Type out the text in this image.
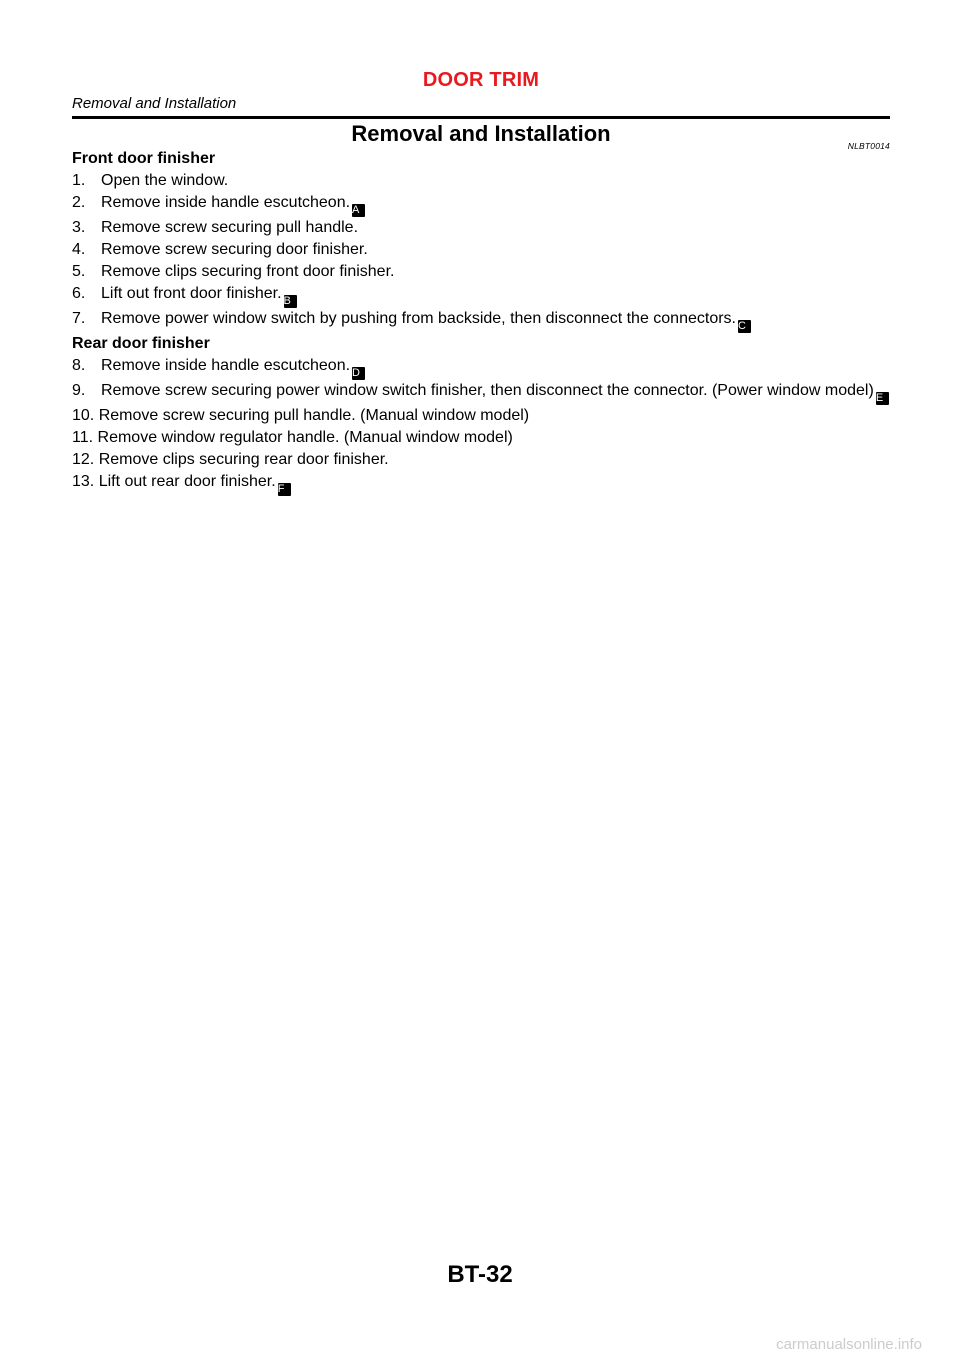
DOOR TRIM
Removal and Installation
Removal and Installation	NLBT0014
Front door finisher
1. Open the window.
2. Remove inside handle escutcheon. A
3. Remove screw securing pull handle.
4. Remove screw securing door finisher.
5. Remove clips securing front door finisher.
6. Lift out front door finisher. B
7. Remove power window switch by pushing from backside, then disconnect the connectors. C
Rear door finisher
8. Remove inside handle escutcheon. D
9. Remove screw securing power window switch finisher, then disconnect the connector. (Power window model) E
10. Remove screw securing pull handle. (Manual window model)
11. Remove window regulator handle. (Manual window model)
12. Remove clips securing rear door finisher.
13. Lift out rear door finisher. F
BT-32
carmanualsonline.info
